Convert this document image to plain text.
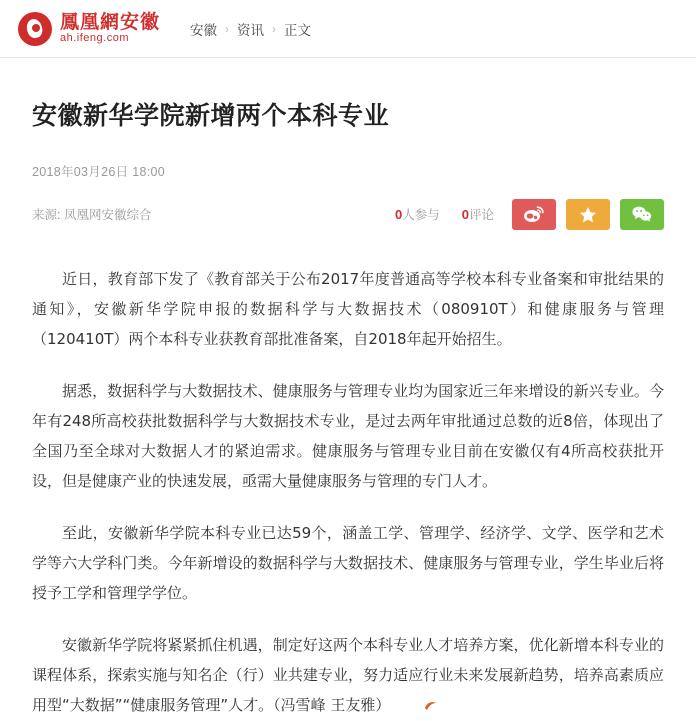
鳳凰網安徽
ah.ifeng.com
安徽 › 资讯 › 正文
安徽新华学院新增两个本科专业
2018年03月26日 18:00
来源: 凤凰网安徽综合	0人参与 0评论

近日，教育部下发了《教育部关于公布2017年度普通高等学校本科专业备案和审批结果的通知》，安徽新华学院申报的数据科学与大数据技术（080910T）和健康服务与管理（120410T）两个本科专业获教育部批准备案，自2018年起开始招生。

据悉，数据科学与大数据技术、健康服务与管理专业均为国家近三年来增设的新兴专业。今年有248所高校获批数据科学与大数据技术专业，是过去两年审批通过总数的近8倍，体现出了全国乃至全球对大数据人才的紧迫需求。健康服务与管理专业目前在安徽仅有4所高校获批开设，但是健康产业的快速发展，亟需大量健康服务与管理的专门人才。

至此，安徽新华学院本科专业已达59个，涵盖工学、管理学、经济学、文学、医学和艺术学等六大学科门类。今年新增设的数据科学与大数据技术、健康服务与管理专业，学生毕业后将授予工学和管理学学位。

安徽新华学院将紧紧抓住机遇，制定好这两个本科专业人才培养方案，优化新增本科专业的课程体系，探索实施与知名企（行）业共建专业，努力适应行业未来发展新趋势，培养高素质应用型“大数据”“健康服务管理”人才。（冯雪峰 王友雅）
